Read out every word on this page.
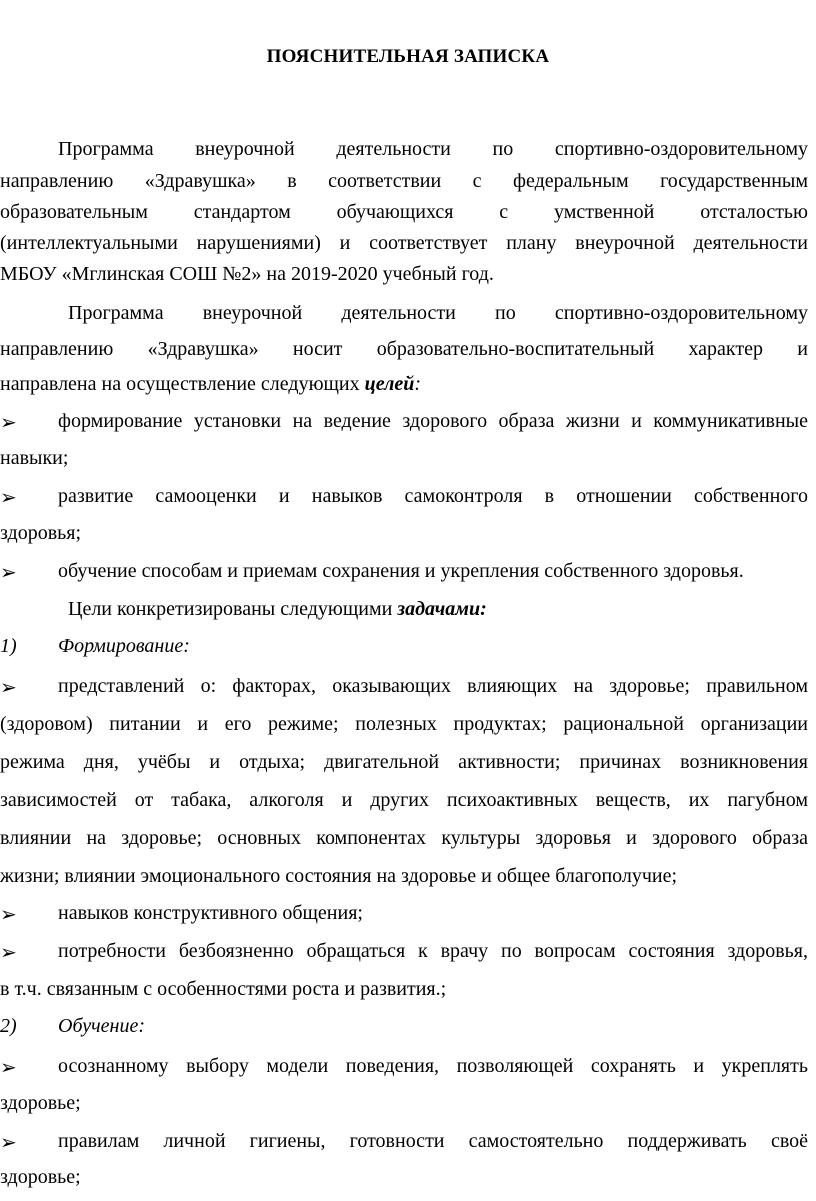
ПОЯСНИТЕЛЬНАЯ ЗАПИСКА
Программа внеурочной деятельности по спортивно-оздоровительному
направлению «Здравушка» в соответствии с федеральным государственным
образовательным стандартом обучающихся с умственной отсталостью
(интеллектуальными нарушениями) и соответствует плану внеурочной деятельности
МБОУ «Мглинская СОШ №2» на 2019-2020 учебный год.
Программа внеурочной деятельности по спортивно-оздоровительному
направлению «Здравушка» носит образовательно-воспитательный характер и
направлена на осуществление следующих целей:
➢ формирование установки на ведение здорового образа жизни и коммуникативные
навыки;
➢ развитие самооценки и навыков самоконтроля в отношении собственного
здоровья;
➢ обучение способам и приемам сохранения и укрепления собственного здоровья.
Цели конкретизированы следующими задачами:
1) Формирование:
➢ представлений о: факторах, оказывающих влияющих на здоровье; правильном
(здоровом) питании и его режиме; полезных продуктах; рациональной организации
режима дня, учёбы и отдыха; двигательной активности; причинах возникновения
зависимостей от табака, алкоголя и других психоактивных веществ, их пагубном
влиянии на здоровье; основных компонентах культуры здоровья и здорового образа
жизни; влиянии эмоционального состояния на здоровье и общее благополучие;
➢ навыков конструктивного общения;
➢ потребности безбоязненно обращаться к врачу по вопросам состояния здоровья,
в т.ч. связанным с особенностями роста и развития.;
2) Обучение:
➢ осознанному выбору модели поведения, позволяющей сохранять и укреплять
здоровье;
➢ правилам личной гигиены, готовности самостоятельно поддерживать своё
здоровье;
